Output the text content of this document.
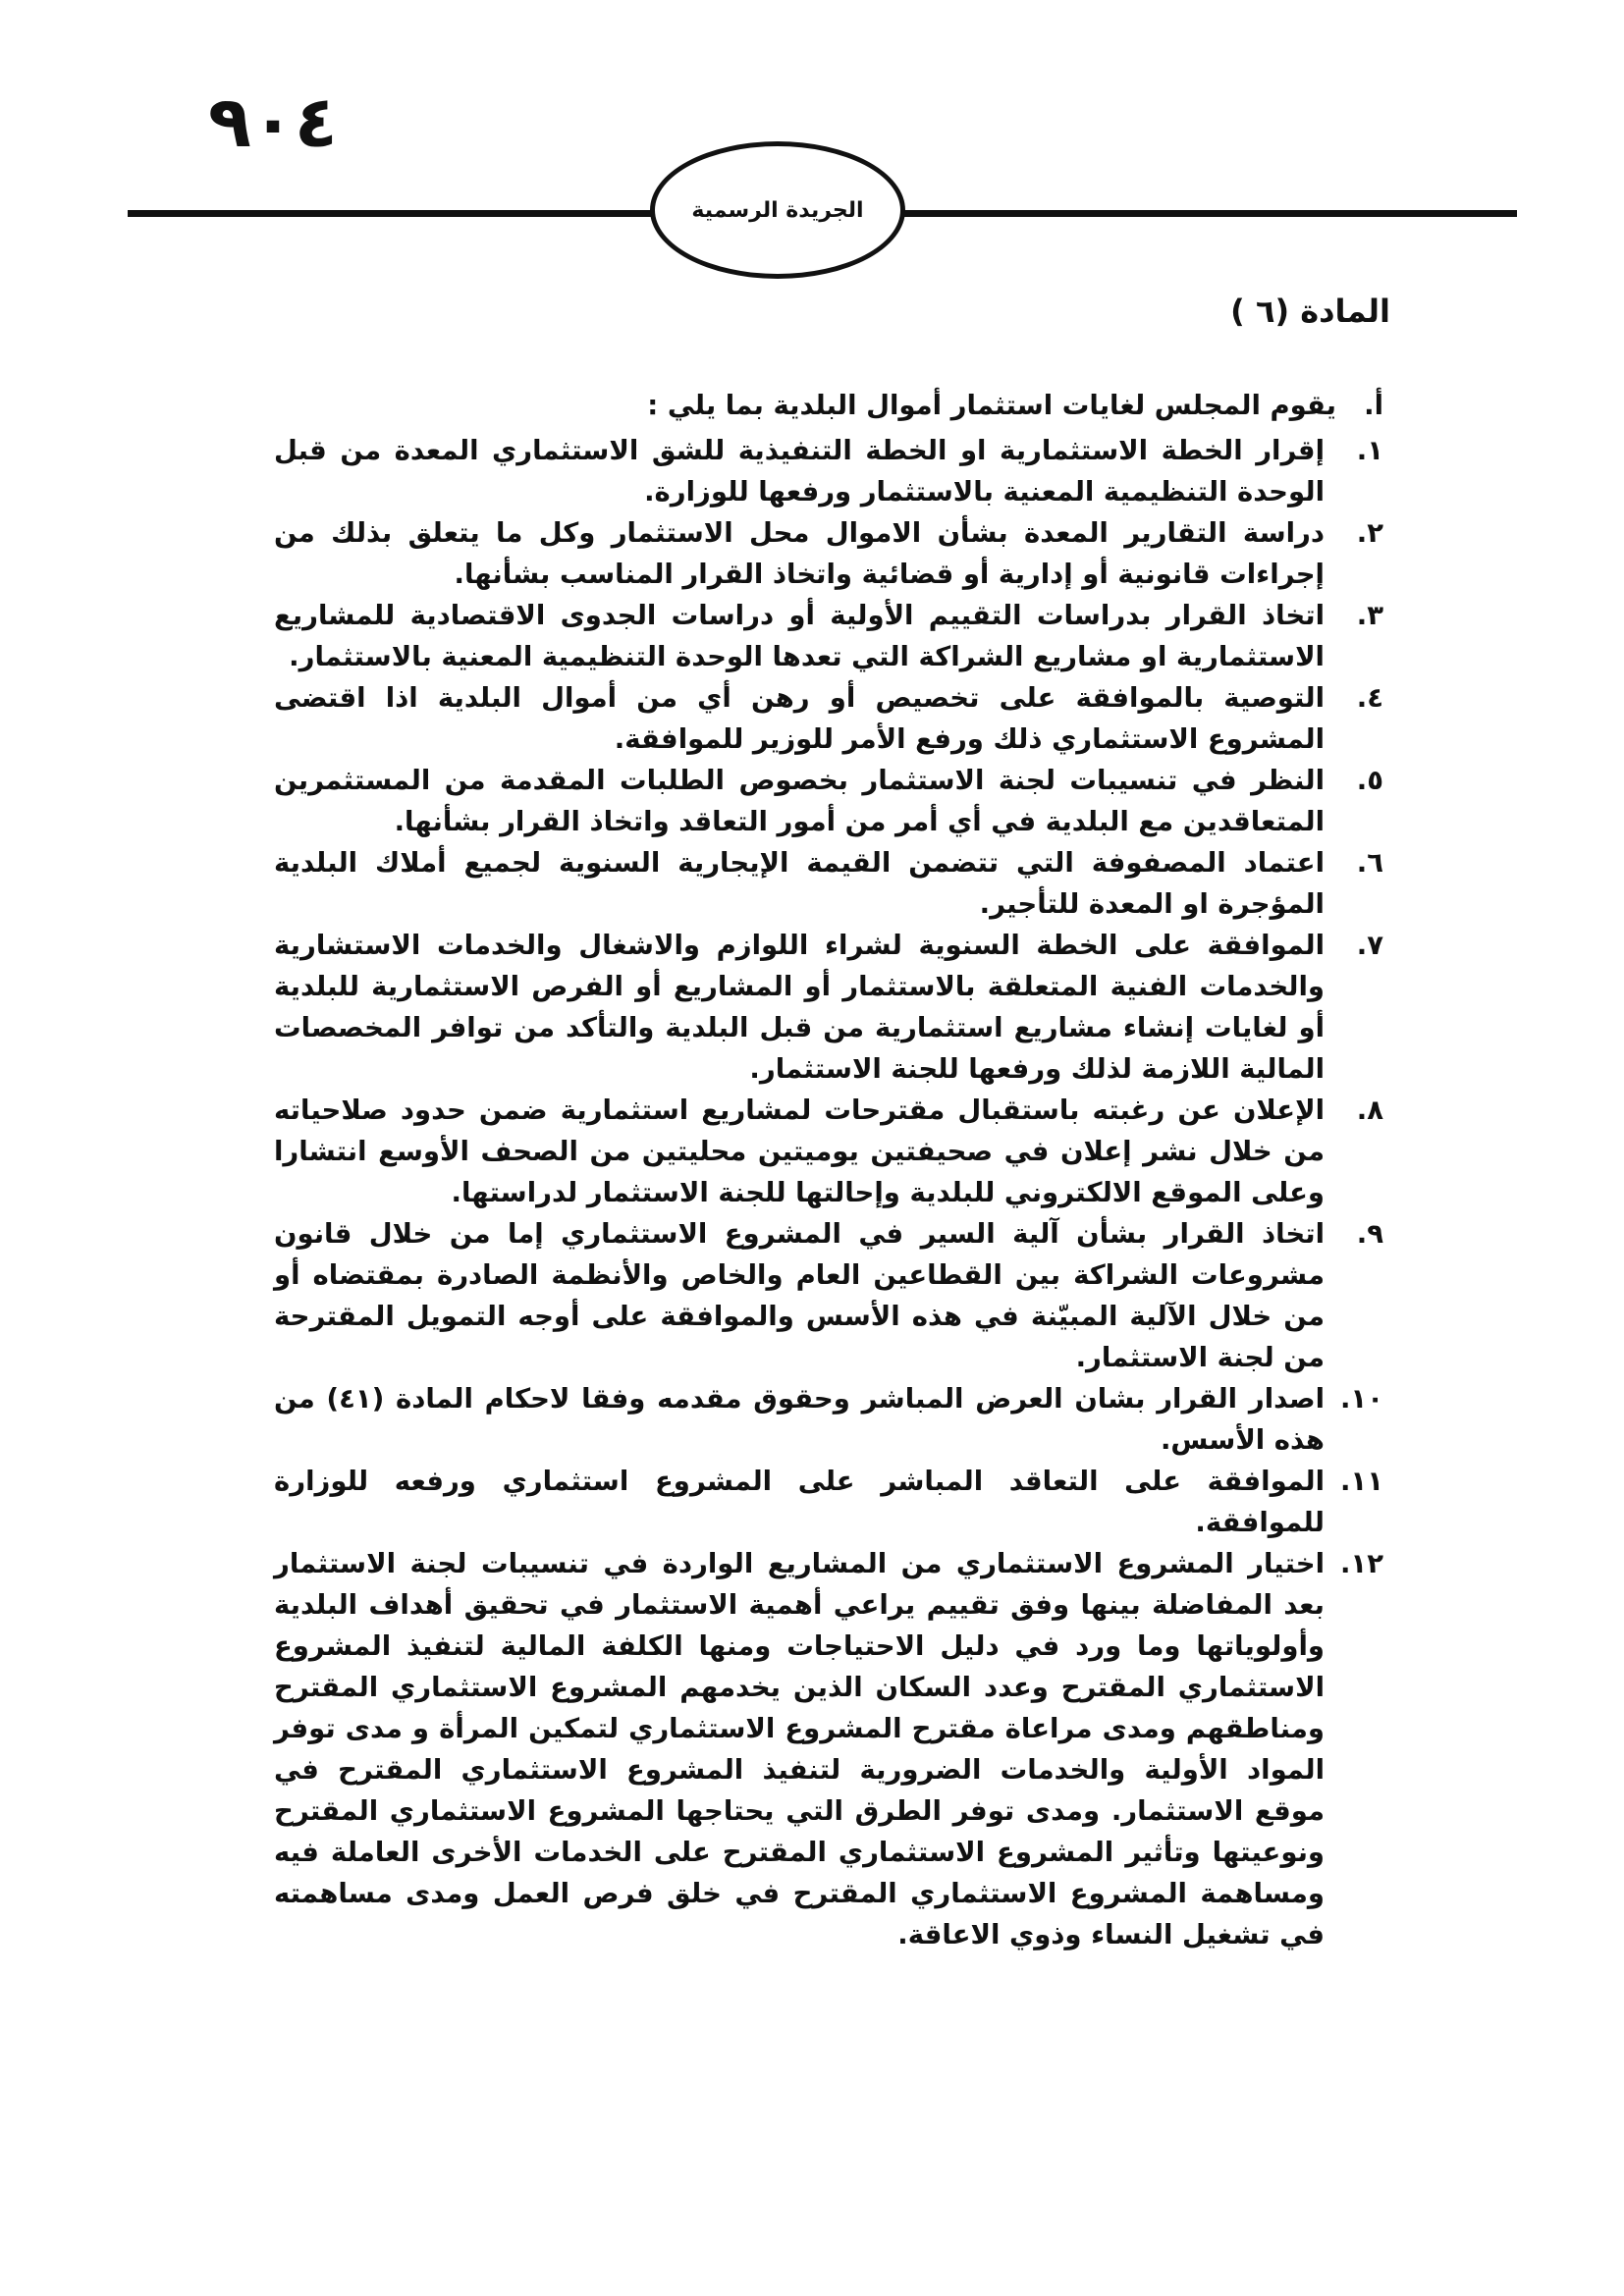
٩٠٤
الجريدة الرسمية
المادة (٦ )
أ.
يقوم المجلس لغايات استثمار أموال البلدية بما يلي :
١.
إقرار الخطة الاستثمارية او الخطة التنفيذية للشق الاستثماري المعدة من قبل الوحدة التنظيمية المعنية بالاستثمار ورفعها للوزارة.
٢.
دراسة التقارير المعدة بشأن الاموال محل الاستثمار وكل ما يتعلق بذلك من إجراءات قانونية أو إدارية أو قضائية واتخاذ القرار المناسب بشأنها.
٣.
اتخاذ القرار بدراسات التقييم الأولية أو دراسات الجدوى الاقتصادية للمشاريع الاستثمارية او مشاريع الشراكة التي تعدها الوحدة التنظيمية المعنية بالاستثمار.
٤.
التوصية بالموافقة على تخصيص أو رهن أي من أموال البلدية اذا اقتضى المشروع الاستثماري ذلك ورفع الأمر للوزير للموافقة.
٥.
النظر في تنسيبات لجنة الاستثمار بخصوص الطلبات المقدمة من المستثمرين المتعاقدين مع البلدية في أي أمر من أمور التعاقد واتخاذ القرار بشأنها.
٦.
اعتماد المصفوفة التي تتضمن القيمة الإيجارية السنوية لجميع أملاك البلدية المؤجرة او المعدة للتأجير.
٧.
الموافقة على الخطة السنوية لشراء اللوازم والاشغال والخدمات الاستشارية والخدمات الفنية المتعلقة بالاستثمار أو المشاريع أو الفرص الاستثمارية للبلدية أو لغايات إنشاء مشاريع استثمارية من قبل البلدية والتأكد من توافر المخصصات المالية اللازمة لذلك ورفعها للجنة الاستثمار.
٨.
الإعلان عن رغبته باستقبال مقترحات لمشاريع استثمارية ضمن حدود صلاحياته من خلال نشر إعلان في صحيفتين يوميتين محليتين من الصحف الأوسع انتشارا وعلى الموقع الالكتروني للبلدية وإحالتها للجنة الاستثمار لدراستها.
٩.
اتخاذ القرار بشأن آلية السير في المشروع الاستثماري إما من خلال قانون مشروعات الشراكة بين القطاعين العام والخاص والأنظمة الصادرة بمقتضاه أو من خلال الآلية المبيّنة في هذه الأسس والموافقة على أوجه التمويل المقترحة من لجنة الاستثمار.
١٠.
اصدار القرار بشان العرض المباشر وحقوق مقدمه وفقا لاحكام المادة (٤١) من هذه الأسس.
١١.
الموافقة على التعاقد المباشر على المشروع استثماري ورفعه للوزارة للموافقة.
١٢.
اختيار المشروع الاستثماري من المشاريع الواردة في تنسيبات لجنة الاستثمار بعد المفاضلة بينها وفق تقييم يراعي أهمية الاستثمار في تحقيق أهداف البلدية وأولوياتها وما ورد في دليل الاحتياجات ومنها الكلفة المالية لتنفيذ المشروع الاستثماري المقترح وعدد السكان الذين يخدمهم المشروع الاستثماري المقترح ومناطقهم ومدى مراعاة مقترح المشروع الاستثماري لتمكين المرأة و مدى توفر المواد الأولية والخدمات الضرورية لتنفيذ المشروع الاستثماري المقترح في موقع الاستثمار. ومدى توفر الطرق التي يحتاجها المشروع الاستثماري المقترح ونوعيتها وتأثير المشروع الاستثماري المقترح على الخدمات الأخرى العاملة فيه ومساهمة المشروع الاستثماري المقترح في خلق فرص العمل ومدى مساهمته في تشغيل النساء وذوي الاعاقة.
